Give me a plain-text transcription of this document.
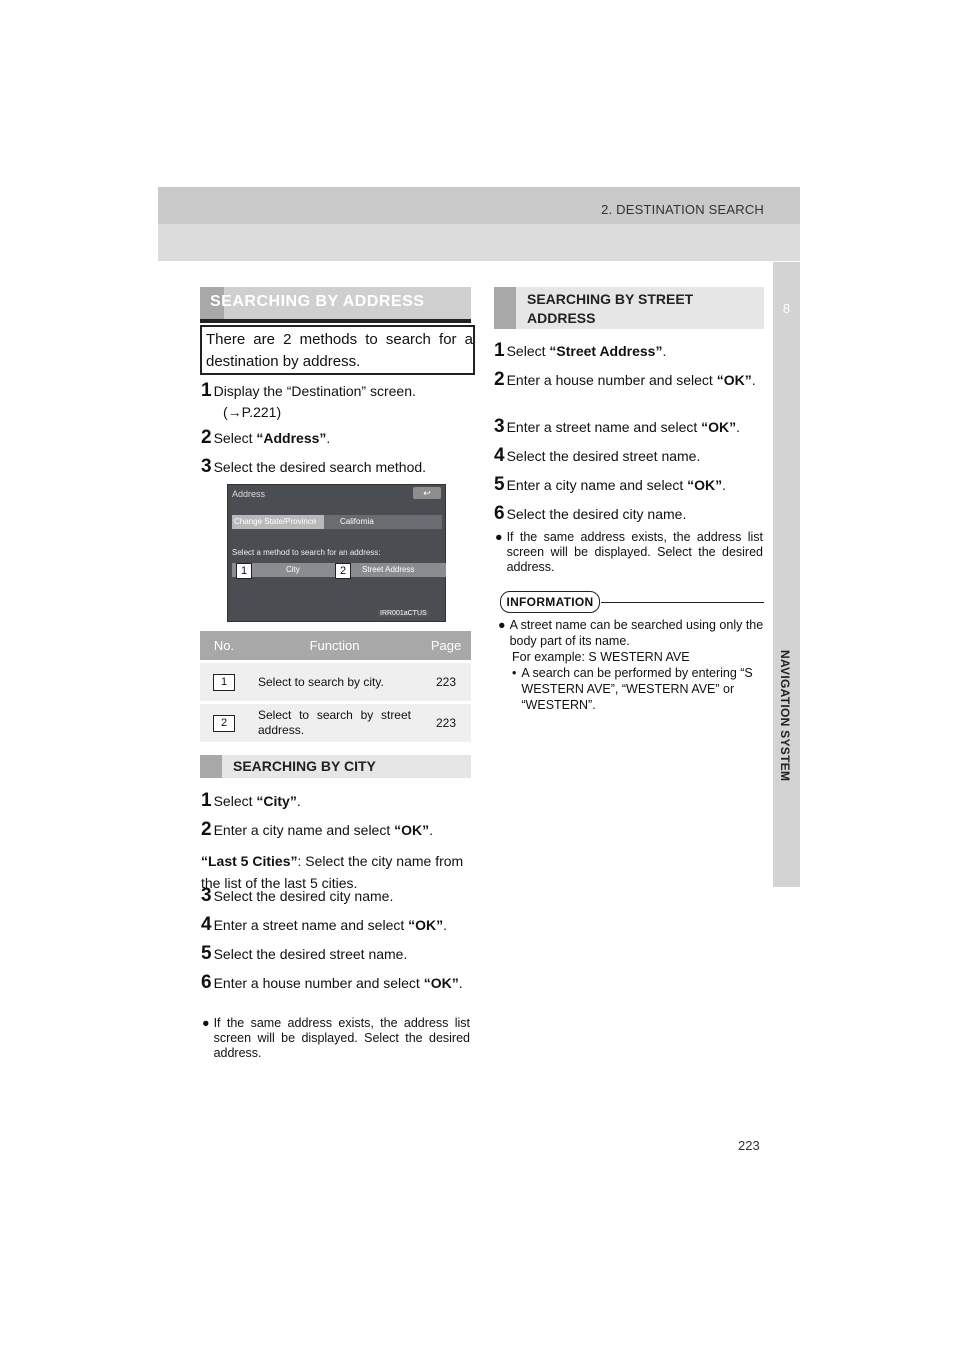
2. DESTINATION SEARCH
8
NAVIGATION SYSTEM
SEARCHING BY ADDRESS
There are 2 methods to search for a destination by address.
1 Display the “Destination” screen.
(→P.221)
2 Select “Address”.
3 Select the desired search method.
Address	↩
Change State/Province	California
Select a method to search for an address:
City	Street Address
1	2
IRR001aCTUS
No.	Function	Page
1	Select to search by city.	223
2	Select to search by street address.	223
SEARCHING BY CITY
1 Select “City”.
2 Enter a city name and select “OK”.
“Last 5 Cities”: Select the city name from the list of the last 5 cities.
3 Select the desired city name.
4 Enter a street name and select “OK”.
5 Select the desired street name.
6 Enter a house number and select “OK”.
● If the same address exists, the address list screen will be displayed. Select the desired address.
SEARCHING BY STREET
ADDRESS
1 Select “Street Address”.
2 Enter a house number and select “OK”.
3 Enter a street name and select “OK”.
4 Select the desired street name.
5 Enter a city name and select “OK”.
6 Select the desired city name.
● If the same address exists, the address list screen will be displayed. Select the desired address.
INFORMATION
● A street name can be searched using only the body part of its name.
For example: S WESTERN AVE
• A search can be performed by entering “S WESTERN AVE”, “WESTERN AVE” or “WESTERN”.
223
